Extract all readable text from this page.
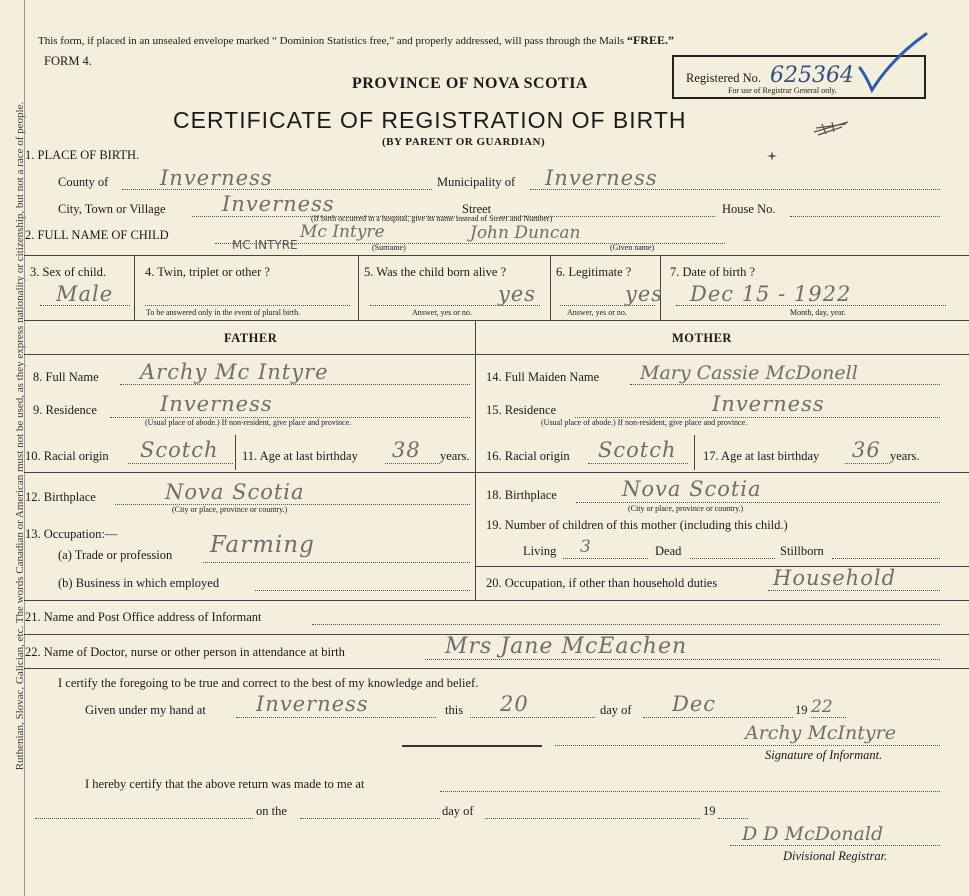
Ruthenian, Slovac, Galician, etc. The words Canadian or American must not be used, as they express nationality or citizenship, but not a race of people.
This form, if placed in an unsealed envelope marked “ Dominion Statistics free,” and properly addressed, will pass through the Mails “FREE.”
FORM 4.
PROVINCE OF NOVA SCOTIA
CERTIFICATE OF REGISTRATION OF BIRTH
(BY PARENT OR GUARDIAN)
Registered No. 625364
For use of Registrar General only.
1. PLACE OF BIRTH.
County of Inverness	Municipality of Inverness
City, Town or Village	Inverness	Street	House No.
(If birth occurred in a hospital, give its name instead of Street and Number)
2. FULL NAME OF CHILD	Mc Intyre	John Duncan
MC INTYRE	(Surname)	(Given name)
3. Sex of child.
Male
4. Twin, triplet or other ?
To be answered only in the event of plural birth.
5. Was the child born alive ?
yes
Answer, yes or no.
6. Legitimate ?
yes
Answer, yes or no.
7. Date of birth ?
Dec 15 - 1922
Month, day, year.
FATHER	MOTHER
8. Full Name Archy Mc Intyre
9. Residence	Inverness
(Usual place of abode.) If non-resident, give place and province.
10. Racial origin Scotch 11. Age at last birthday 38 years.
12. Birthplace	Nova Scotia
(City or place, province or country.)
13. Occupation:—
(a) Trade or profession Farming
(b) Business in which employed
14. Full Maiden Name Mary Cassie McDonell
15. Residence	Inverness
(Usual place of abode.) If non-resident, give place and province.
16. Racial origin Scotch 17. Age at last birthday 36 years.
18. Birthplace	Nova Scotia
(City or place, province or country.)
19. Number of children of this mother (including this child.)
Living 3	Dead	Stillborn
20. Occupation, if other than household duties	Household
21. Name and Post Office address of Informant
22. Name of Doctor, nurse or other person in attendance at birth	Mrs Jane McEachen
I certify the foregoing to be true and correct to the best of my knowledge and belief.
Given under my hand at Inverness	this 20	day of Dec	19 22
Archy McIntyre
Signature of Informant.
I hereby certify that the above return was made to me at
on the	day of	19
D D McDonald
Divisional Registrar.
